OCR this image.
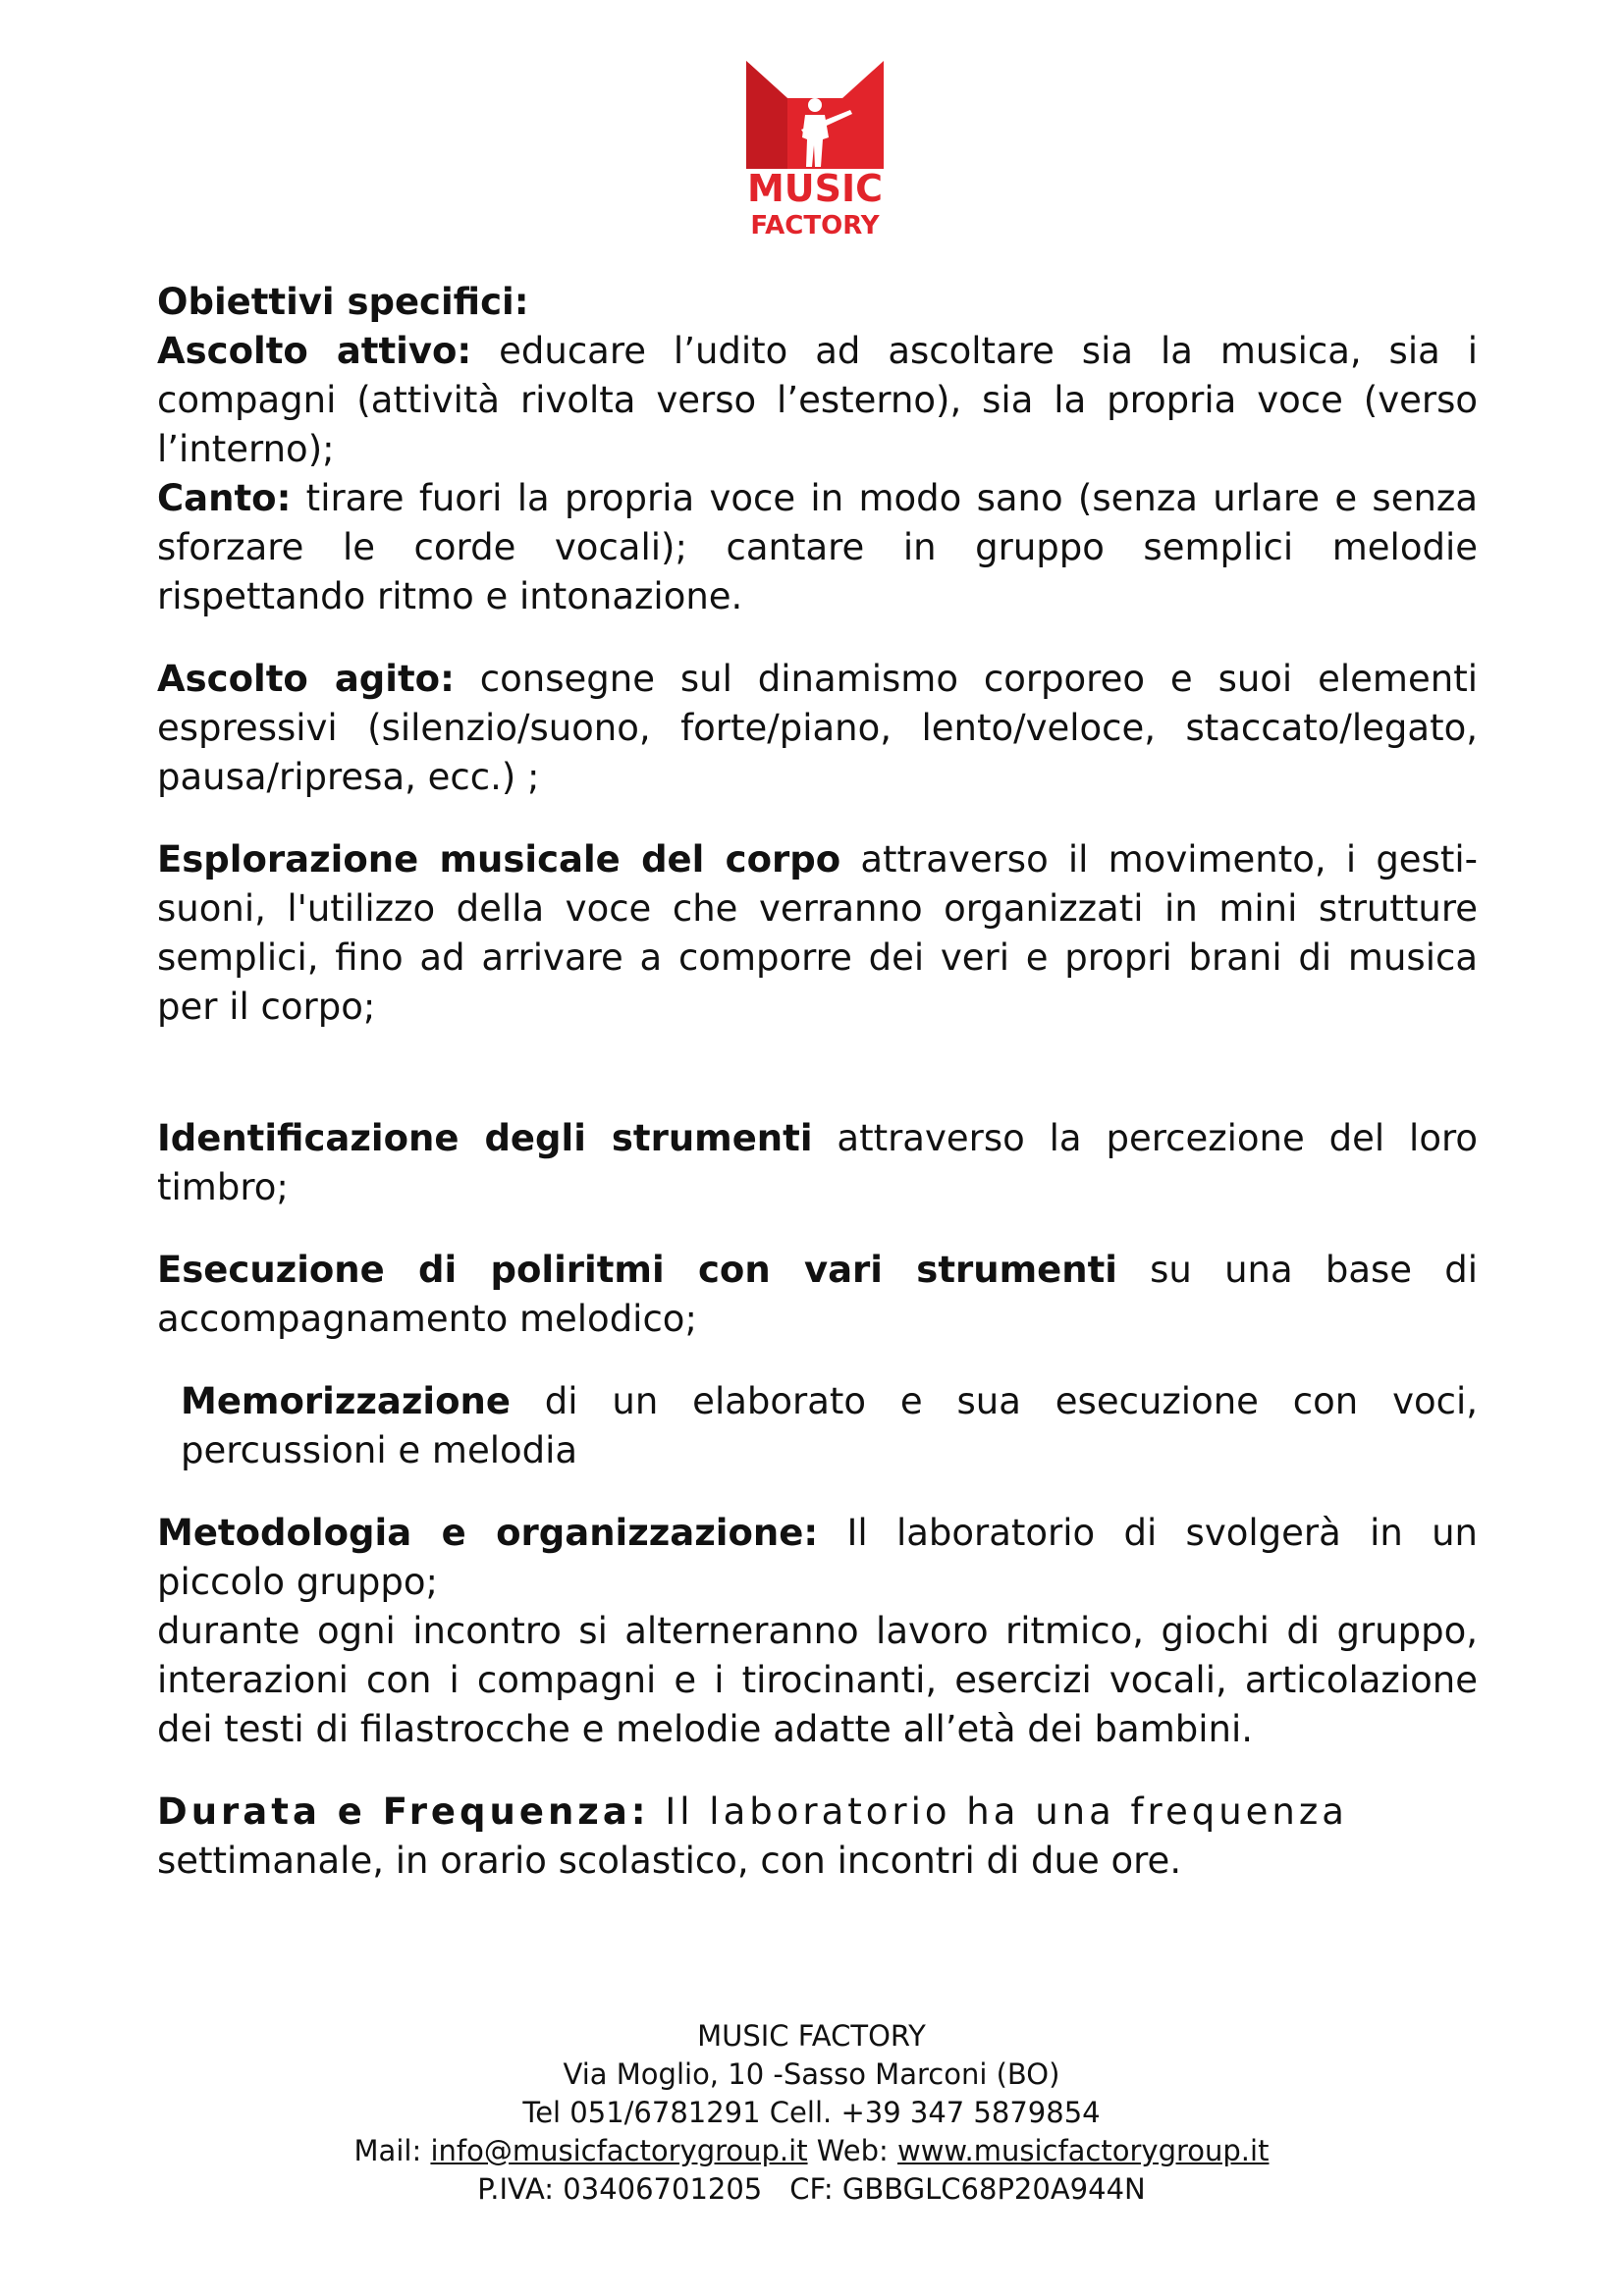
MUSIC
FACTORY

Obiettivi specifici:

Ascolto attivo: educare l’udito ad ascoltare sia la musica, sia i compagni (attività rivolta verso l’esterno), sia la propria voce (verso l’interno);

Canto: tirare fuori la propria voce in modo sano (senza urlare e senza sforzare le corde vocali); cantare in gruppo semplici melodie rispettando ritmo e intonazione.

Ascolto agito: consegne sul dinamismo corporeo e suoi elementi espressivi (silenzio/suono, forte/piano, lento/veloce, staccato/legato, pausa/ripresa, ecc.) ;

Esplorazione musicale del corpo attraverso il movimento, i gesti-suoni, l'utilizzo della voce che verranno organizzati in mini strutture semplici, fino ad arrivare a comporre dei veri e propri brani di musica per il corpo;

Identificazione degli strumenti attraverso la percezione del loro timbro;

Esecuzione di poliritmi con vari strumenti su una base di accompagnamento melodico;

Memorizzazione di un elaborato e sua esecuzione con voci, percussioni e melodia

Metodologia e organizzazione: Il laboratorio di svolgerà in un piccolo gruppo;

durante ogni incontro si alterneranno lavoro ritmico, giochi di gruppo, interazioni con i compagni e i tirocinanti, esercizi vocali, articolazione dei testi di filastrocche e melodie adatte all’età dei bambini.

Durata e Frequenza: Il laboratorio ha una frequenza

settimanale, in orario scolastico, con incontri di due ore.

MUSIC FACTORY

Via Moglio, 10 -Sasso Marconi (BO)

Tel 051/6781291 Cell. +39 347 5879854

Mail: info@musicfactorygroup.it Web: www.musicfactorygroup.it

P.IVA: 03406701205 CF: GBBGLC68P20A944N
